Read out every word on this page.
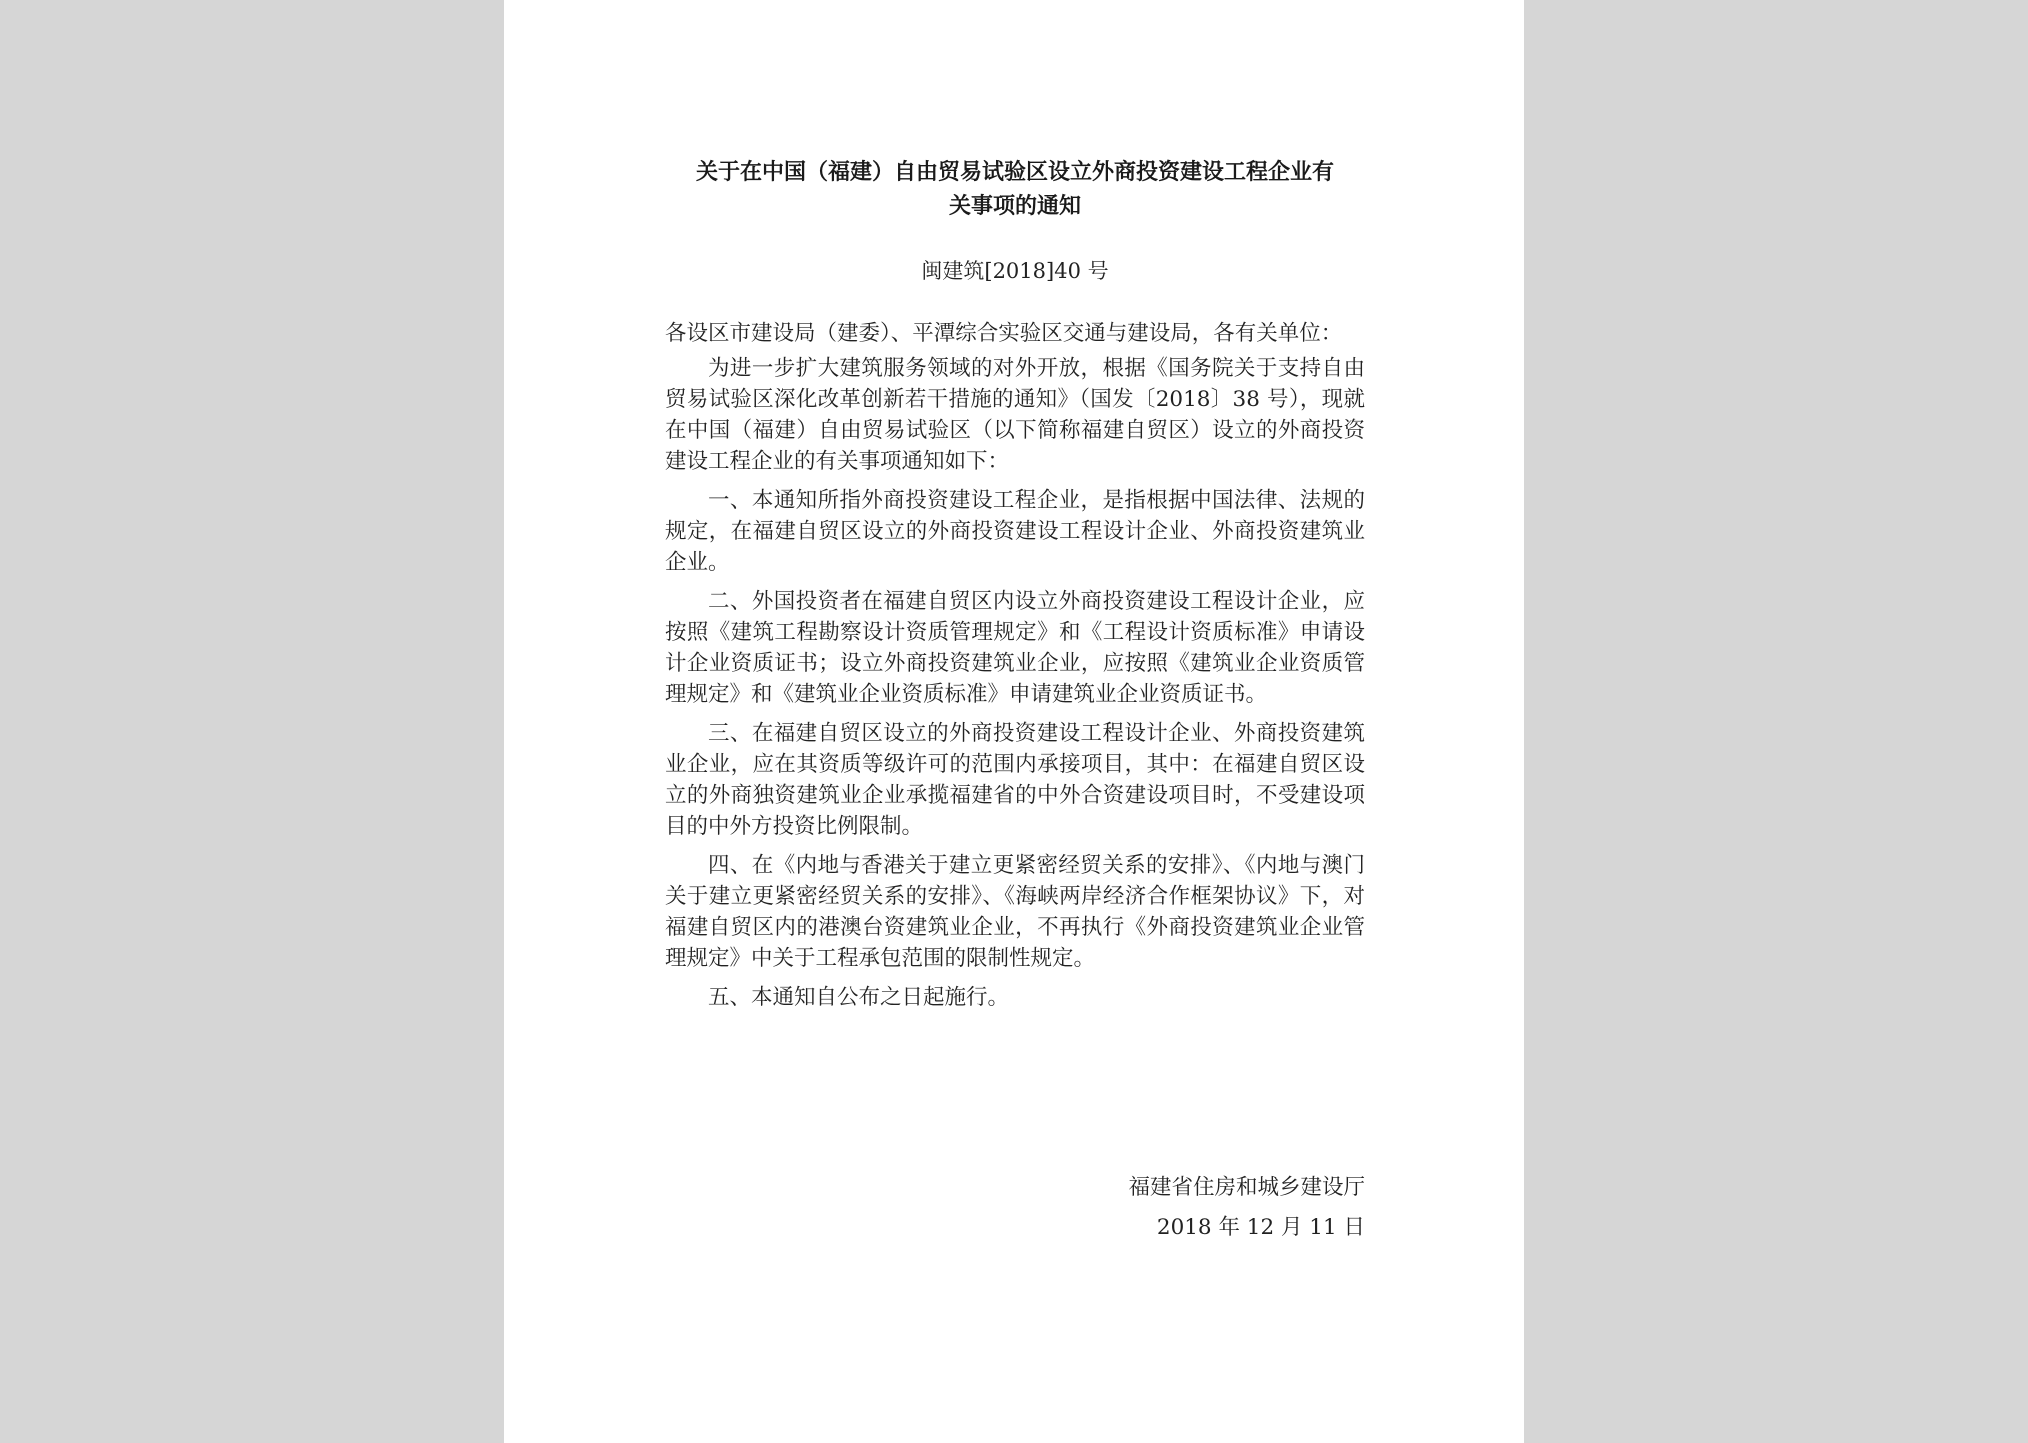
关于在中国（福建）自由贸易试验区设立外商投资建设工程企业有
关事项的通知
闽建筑[2018]40 号

各设区市建设局（建委）、平潭综合实验区交通与建设局，各有关单位：

为进一步扩大建筑服务领域的对外开放，根据《国务院关于支持自由贸易试验区深化改革创新若干措施的通知》（国发〔2018〕38 号），现就在中国（福建）自由贸易试验区（以下简称福建自贸区）设立的外商投资建设工程企业的有关事项通知如下：

一、本通知所指外商投资建设工程企业，是指根据中国法律、法规的规定，在福建自贸区设立的外商投资建设工程设计企业、外商投资建筑业企业。

二、外国投资者在福建自贸区内设立外商投资建设工程设计企业，应按照《建筑工程勘察设计资质管理规定》和《工程设计资质标准》申请设计企业资质证书；设立外商投资建筑业企业，应按照《建筑业企业资质管理规定》和《建筑业企业资质标准》申请建筑业企业资质证书。

三、在福建自贸区设立的外商投资建设工程设计企业、外商投资建筑业企业，应在其资质等级许可的范围内承接项目，其中：在福建自贸区设立的外商独资建筑业企业承揽福建省的中外合资建设项目时，不受建设项目的中外方投资比例限制。

四、在《内地与香港关于建立更紧密经贸关系的安排》、《内地与澳门关于建立更紧密经贸关系的安排》、《海峡两岸经济合作框架协议》下，对福建自贸区内的港澳台资建筑业企业，不再执行《外商投资建筑业企业管理规定》中关于工程承包范围的限制性规定。

五、本通知自公布之日起施行。

福建省住房和城乡建设厅
2018 年 12 月 11 日
